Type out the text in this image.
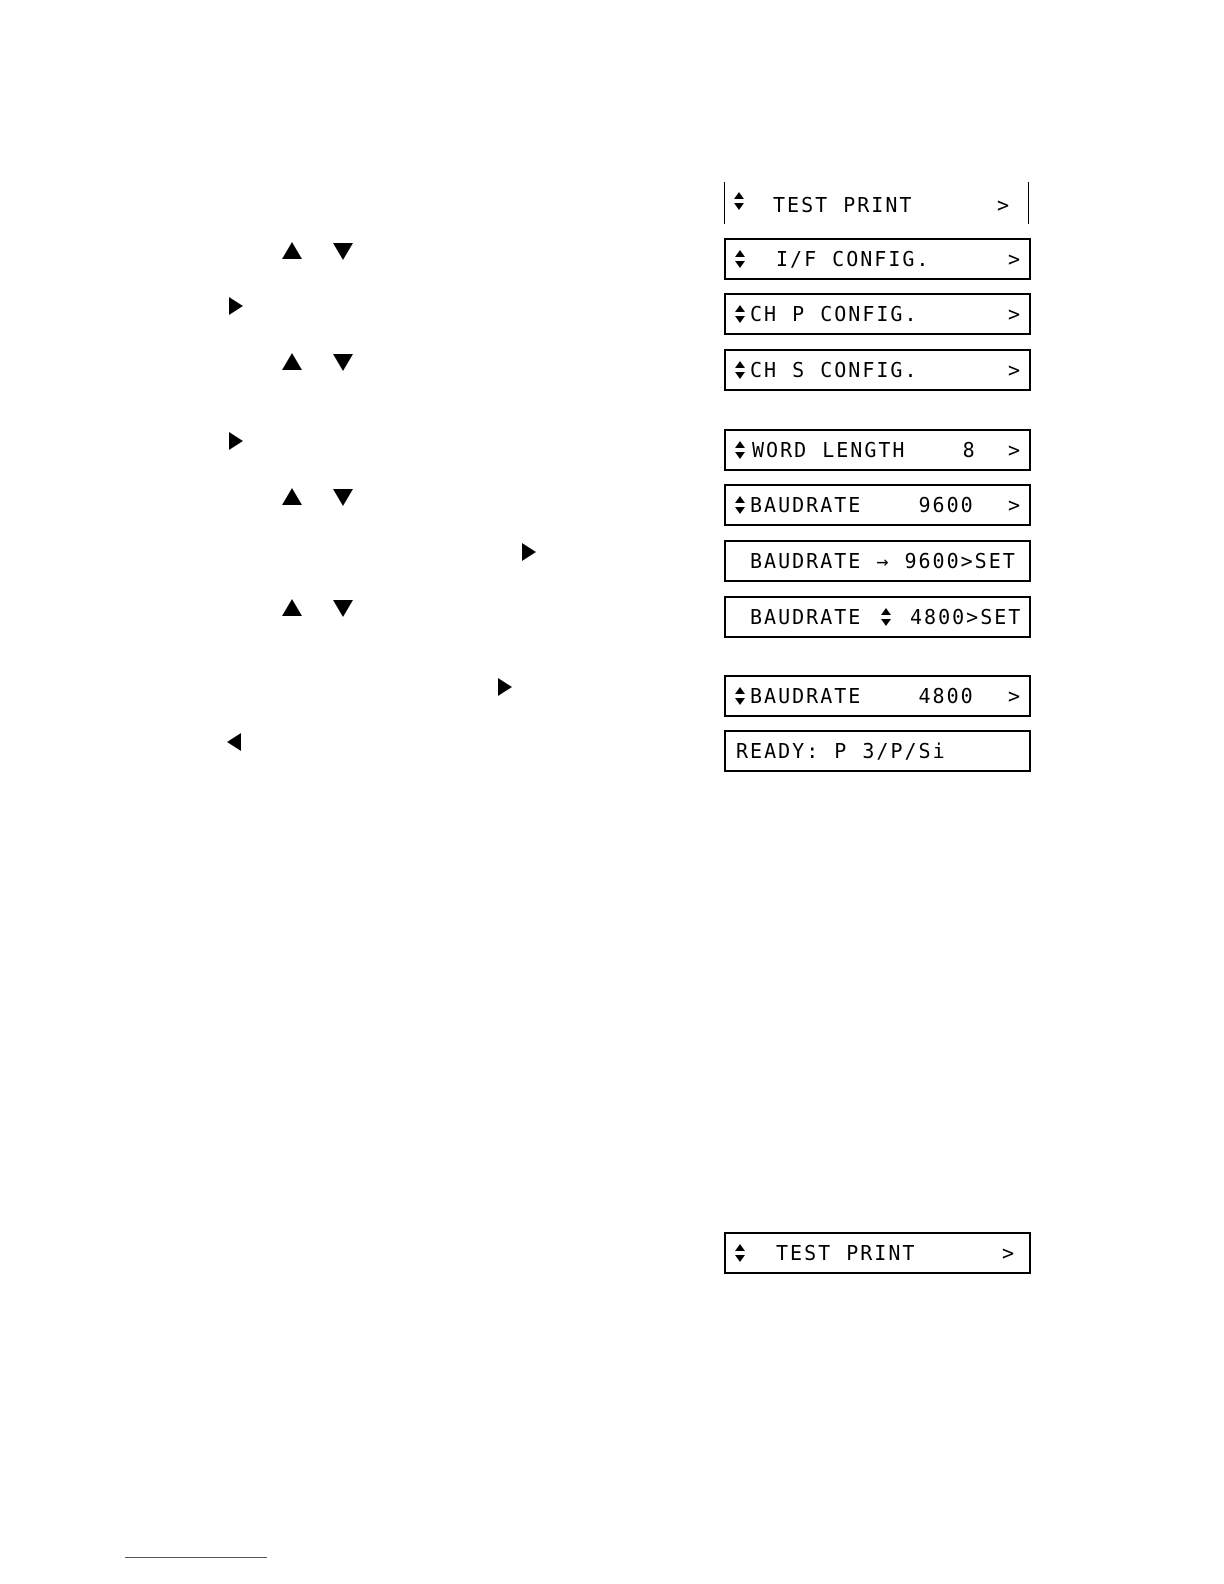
TEST PRINT	>
I/F CONFIG.	>
CH P CONFIG.	>
CH S CONFIG.	>
WORD LENGTH    8 >
BAUDRATE    9600 >
BAUDRATE → 9600>SET
BAUDRATE 4800>SET
BAUDRATE    4800 >
READY: P 3/P/Si
TEST PRINT	>
